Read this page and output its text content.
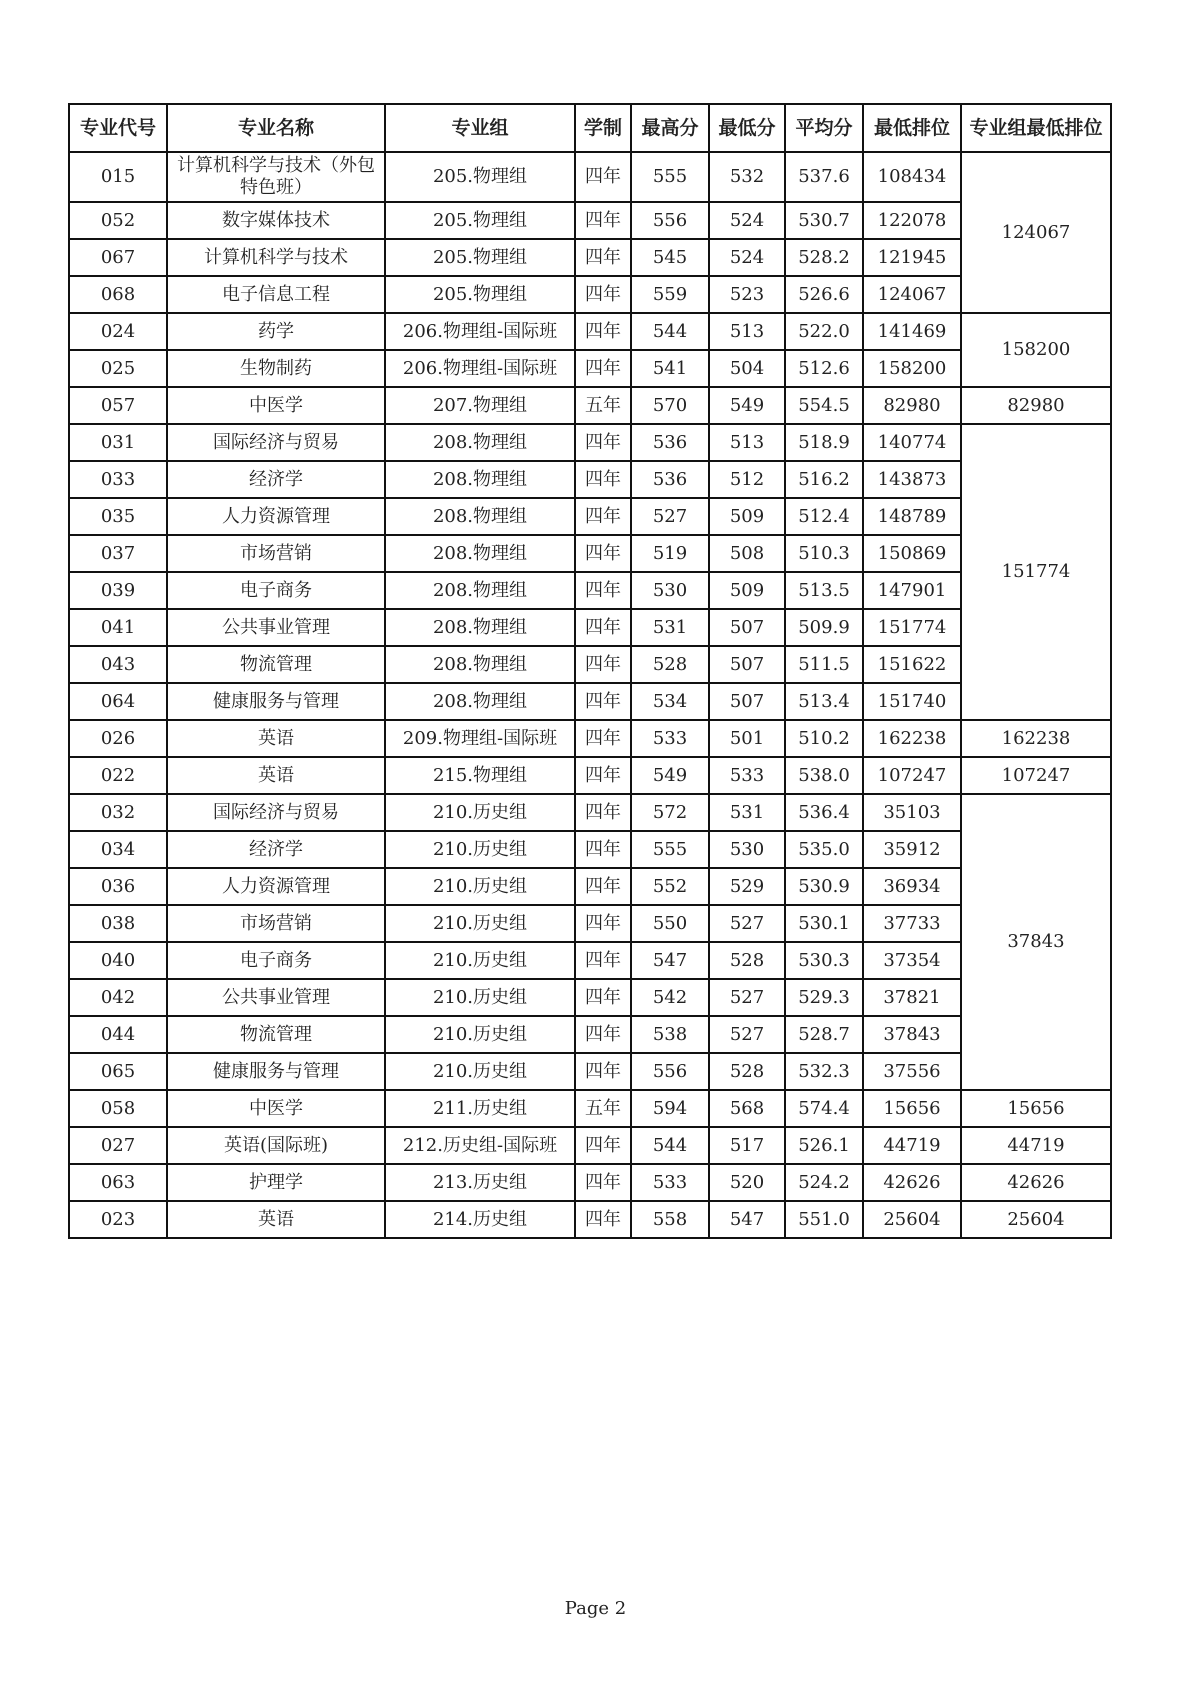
专业代号	专业名称	专业组	学制	最高分	最低分	平均分	最低排位	专业组最低排位
015	计算机科学与技术（外包特色班）	205.物理组	四年	555	532	537.6	108434	124067
052	数字媒体技术	205.物理组	四年	556	524	530.7	122078	
067	计算机科学与技术	205.物理组	四年	545	524	528.2	121945	
068	电子信息工程	205.物理组	四年	559	523	526.6	124067	
024	药学	206.物理组-国际班	四年	544	513	522.0	141469	158200
025	生物制药	206.物理组-国际班	四年	541	504	512.6	158200	
057	中医学	207.物理组	五年	570	549	554.5	82980	82980
031	国际经济与贸易	208.物理组	四年	536	513	518.9	140774	151774
033	经济学	208.物理组	四年	536	512	516.2	143873	
035	人力资源管理	208.物理组	四年	527	509	512.4	148789	
037	市场营销	208.物理组	四年	519	508	510.3	150869	
039	电子商务	208.物理组	四年	530	509	513.5	147901	
041	公共事业管理	208.物理组	四年	531	507	509.9	151774	
043	物流管理	208.物理组	四年	528	507	511.5	151622	
064	健康服务与管理	208.物理组	四年	534	507	513.4	151740	
026	英语	209.物理组-国际班	四年	533	501	510.2	162238	162238
022	英语	215.物理组	四年	549	533	538.0	107247	107247
032	国际经济与贸易	210.历史组	四年	572	531	536.4	35103	37843
034	经济学	210.历史组	四年	555	530	535.0	35912	
036	人力资源管理	210.历史组	四年	552	529	530.9	36934	
038	市场营销	210.历史组	四年	550	527	530.1	37733	
040	电子商务	210.历史组	四年	547	528	530.3	37354	
042	公共事业管理	210.历史组	四年	542	527	529.3	37821	
044	物流管理	210.历史组	四年	538	527	528.7	37843	
065	健康服务与管理	210.历史组	四年	556	528	532.3	37556	
058	中医学	211.历史组	五年	594	568	574.4	15656	15656
027	英语(国际班)	212.历史组-国际班	四年	544	517	526.1	44719	44719
063	护理学	213.历史组	四年	533	520	524.2	42626	42626
023	英语	214.历史组	四年	558	547	551.0	25604	25604
Page 2
